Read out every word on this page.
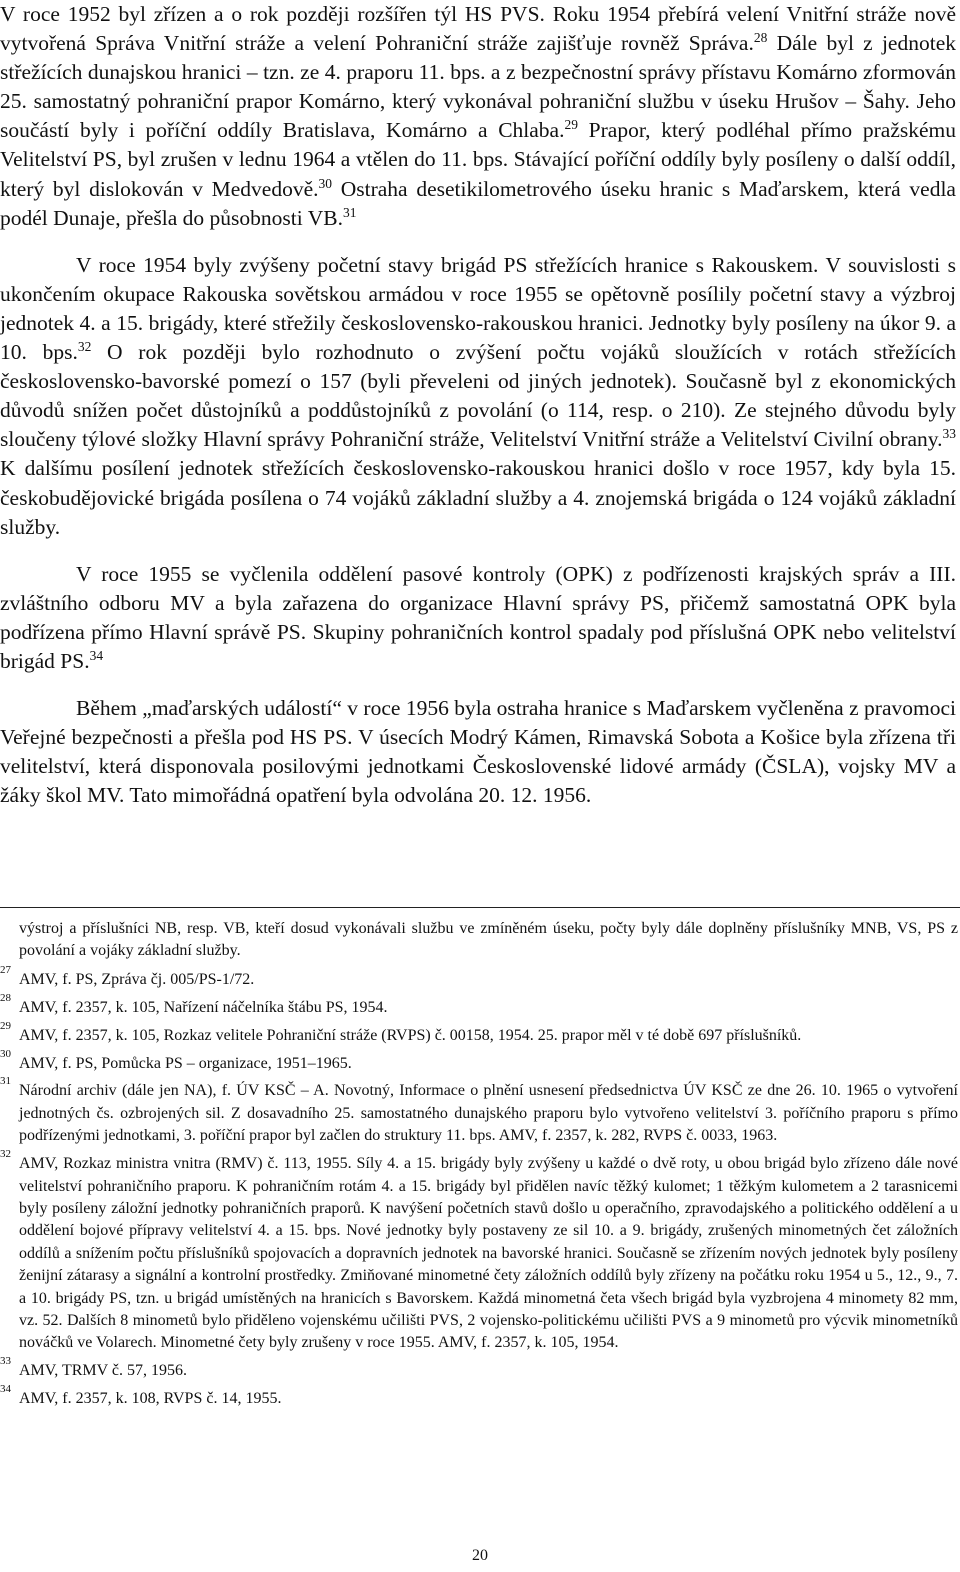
V roce 1952 byl zřízen a o rok později rozšířen týl HS PVS. Roku 1954 přebírá velení Vnitřní stráže nově vytvořená Správa Vnitřní stráže a velení Pohraniční stráže zajišťuje rovněž Správa.$^{28}$ Dále byl z jednotek střežících dunajskou hranici – tzn. ze 4. praporu 11. bps. a z bezpečnostní správy přístavu Komárno zformován 25. samostatný pohraniční prapor Komárno, který vykonával pohraniční službu v úseku Hrušov – Šahy. Jeho součástí byly i poříční oddíly Bratislava, Komárno a Chlaba.$^{29}$ Prapor, který podléhal přímo pražskému Velitelství PS, byl zrušen v lednu 1964 a vtělen do 11. bps. Stávající poříční oddíly byly posíleny o další oddíl, který byl dislokován v Medvedově.$^{30}$ Ostraha desetikilometrového úseku hranic s Maďarskem, která vedla podél Dunaje, přešla do působnosti VB.$^{31}$

V roce 1954 byly zvýšeny početní stavy brigád PS střežících hranice s Rakouskem. V souvislosti s ukončením okupace Rakouska sovětskou armádou v roce 1955 se opětovně posílily početní stavy a výzbroj jednotek 4. a 15. brigády, které střežily československo-rakouskou hranici. Jednotky byly posíleny na úkor 9. a 10. bps.$^{32}$ O rok později bylo rozhodnuto o zvýšení počtu vojáků sloužících v rotách střežících československo-bavorské pomezí o 157 (byli převeleni od jiných jednotek). Současně byl z ekonomických důvodů snížen počet důstojníků a poddůstojníků z povolání (o 114, resp. o 210). Ze stejného důvodu byly sloučeny týlové složky Hlavní správy Pohraniční stráže, Velitelství Vnitřní stráže a Velitelství Civilní obrany.$^{33}$ K dalšímu posílení jednotek střežících československo-rakouskou hranici došlo v roce 1957, kdy byla 15. českobudějovické brigáda posílena o 74 vojáků základní služby a 4. znojemská brigáda o 124 vojáků základní služby.

V roce 1955 se vyčlenila oddělení pasové kontroly (OPK) z podřízenosti krajských správ a III. zvláštního odboru MV a byla zařazena do organizace Hlavní správy PS, přičemž samostatná OPK byla podřízena přímo Hlavní správě PS. Skupiny pohraničních kontrol spadaly pod příslušná OPK nebo velitelství brigád PS.$^{34}$

Během „maďarských událostí“ v roce 1956 byla ostraha hranice s Maďarskem vyčleněna z pravomoci Veřejné bezpečnosti a přešla pod HS PS. V úsecích Modrý Kámen, Rimavská Sobota a Košice byla zřízena tři velitelství, která disponovala posilovými jednotkami Československé lidové armády (ČSLA), vojsky MV a žáky škol MV. Tato mimořádná opatření byla odvolána 20. 12. 1956.

výstroj a příslušníci NB, resp. VB, kteří dosud vykonávali službu ve zmíněném úseku, počty byly dále doplněny příslušníky MNB, VS, PS z povolání a vojáky základní služby.

27
AMV, f. PS, Zpráva čj. 005/PS-1/72.
28
AMV, f. 2357, k. 105, Nařízení náčelníka štábu PS, 1954.
29
AMV, f. 2357, k. 105, Rozkaz velitele Pohraniční stráže (RVPS) č. 00158, 1954. 25. prapor měl v té době 697 příslušníků.
30
AMV, f. PS, Pomůcka PS – organizace, 1951–1965.
31
Národní archiv (dále jen NA), f. ÚV KSČ – A. Novotný, Informace o plnění usnesení předsednictva ÚV KSČ ze dne 26. 10. 1965 o vytvoření jednotných čs. ozbrojených sil. Z dosavadního 25. samostatného dunajského praporu bylo vytvořeno velitelství 3. poříčního praporu s přímo podřízenými jednotkami, 3. poříční prapor byl začlen do struktury 11. bps. AMV, f. 2357, k. 282, RVPS č. 0033, 1963.
32
AMV, Rozkaz ministra vnitra (RMV) č. 113, 1955. Síly 4. a 15. brigády byly zvýšeny u každé o dvě roty, u obou brigád bylo zřízeno dále nové velitelství pohraničního praporu. K pohraničním rotám 4. a 15. brigády byl přidělen navíc těžký kulomet; 1 těžkým kulometem a 2 tarasnicemi byly posíleny záložní jednotky pohraničních praporů. K navýšení početních stavů došlo u operačního, zpravodajského a politického oddělení a u oddělení bojové přípravy velitelství 4. a 15. bps. Nové jednotky byly postaveny ze sil 10. a 9. brigády, zrušených minometných čet záložních oddílů a snížením počtu příslušníků spojovacích a dopravních jednotek na bavorské hranici. Současně se zřízením nových jednotek byly posíleny ženijní zátarasy a signální a kontrolní prostředky. Zmiňované minometné čety záložních oddílů byly zřízeny na počátku roku 1954 u 5., 12., 9., 7. a 10. brigády PS, tzn. u brigád umístěných na hranicích s Bavorskem. Každá minometná četa všech brigád byla vyzbrojena 4 minomety 82 mm, vz. 52. Dalších 8 minometů bylo přiděleno vojenskému učilišti PVS, 2 vojensko-politickému učilišti PVS a 9 minometů pro výcvik minometníků nováčků ve Volarech. Minometné čety byly zrušeny v roce 1955. AMV, f. 2357, k. 105, 1954.
33
AMV, TRMV č. 57, 1956.
34
AMV, f. 2357, k. 108, RVPS č. 14, 1955.
20
